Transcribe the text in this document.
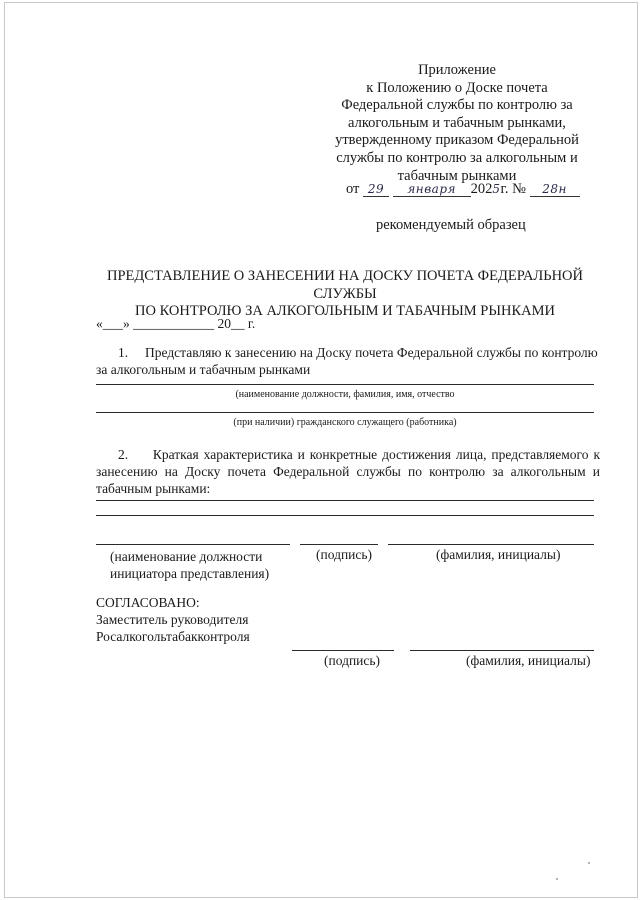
Приложение
к Положению о Доске почета
Федеральной службы по контролю за
алкогольным и табачным рынками,
утвержденному приказом Федеральной
службы по контролю за алкогольным и
табачным рынками
от 29 января 2025г. № 28н
рекомендуемый образец
ПРЕДСТАВЛЕНИЕ О ЗАНЕСЕНИИ НА ДОСКУ ПОЧЕТА ФЕДЕРАЛЬНОЙ СЛУЖБЫ
ПО КОНТРОЛЮ ЗА АЛКОГОЛЬНЫМ И ТАБАЧНЫМ РЫНКАМИ
«___» ____________ 20__ г.
1. Представляю к занесению на Доску почета Федеральной службы по контролю за алкогольным и табачным рынками
(наименование должности, фамилия, имя, отчество
(при наличии) гражданского служащего (работника)
2. Краткая характеристика и конкретные достижения лица, представляемого к занесению на Доску почета Федеральной службы по контролю за алкогольным и табачным рынками:
(наименование должности
инициатора представления)
(подпись)	(фамилия, инициалы)
СОГЛАСОВАНО:
Заместитель руководителя
Росалкогольтабакконтроля
(подпись)	(фамилия, инициалы)
